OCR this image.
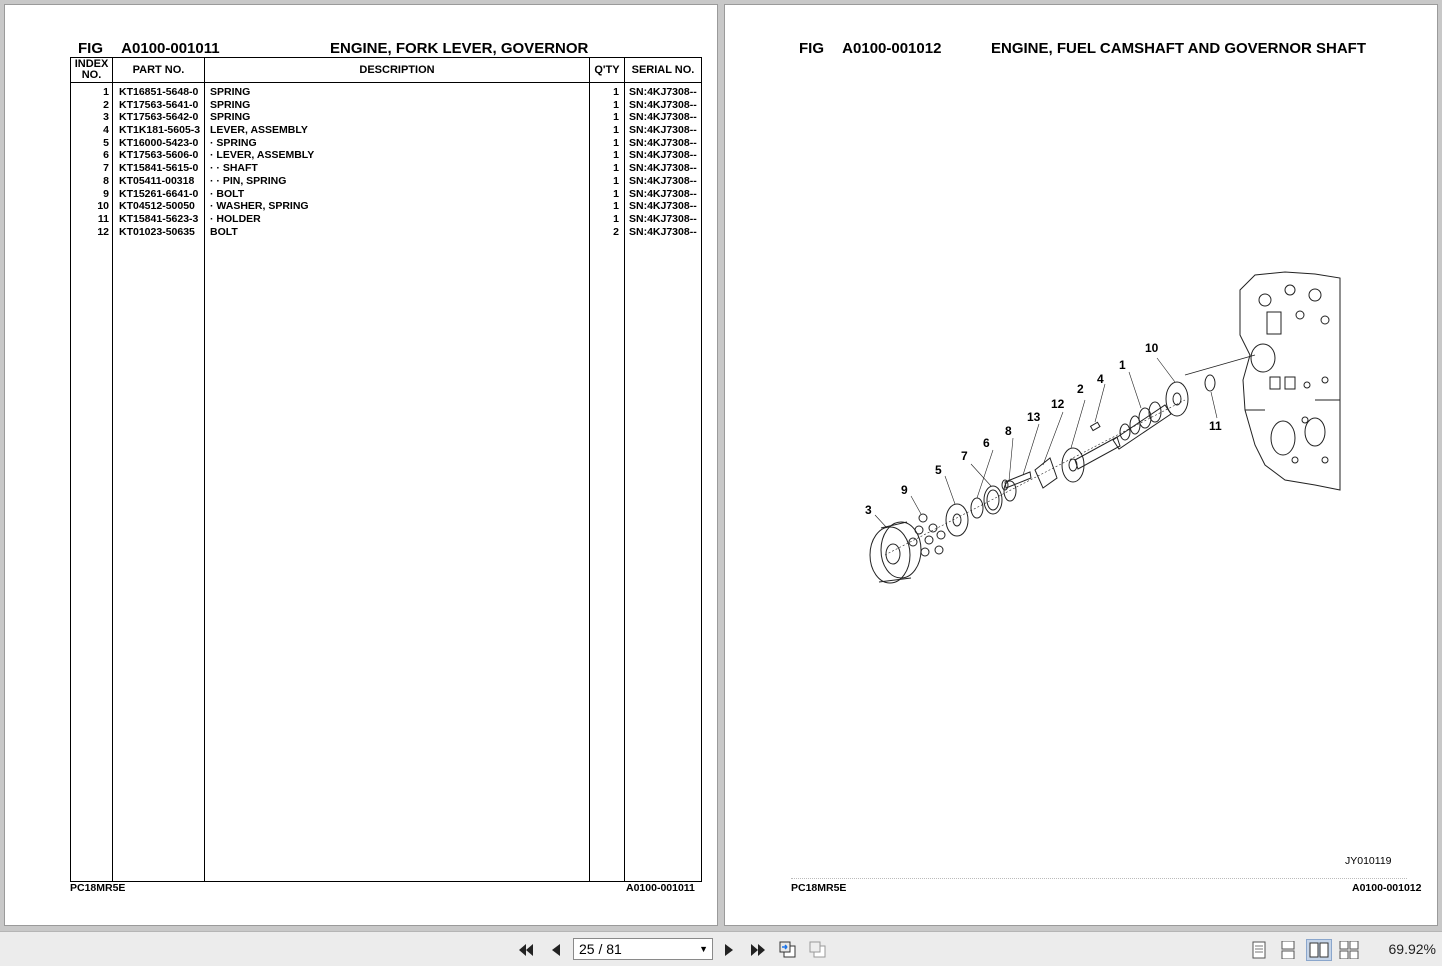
FIG A0100-001011	ENGINE, FORK LEVER, GOVERNOR
INDEX
NO.	PART NO.	DESCRIPTION	Q'TY	SERIAL NO.
1 KT16851-5648-0 SPRING	1 SN:4KJ7308--
2 KT17563-5641-0 SPRING	1 SN:4KJ7308--
3 KT17563-5642-0 SPRING	1 SN:4KJ7308--
4 KT1K181-5605-3 LEVER, ASSEMBLY	1 SN:4KJ7308--
5 KT16000-5423-0 · SPRING	1 SN:4KJ7308--
6 KT17563-5606-0 · LEVER, ASSEMBLY	1 SN:4KJ7308--
7 KT15841-5615-0 · · SHAFT	1 SN:4KJ7308--
8 KT05411-00318 · · PIN, SPRING	1 SN:4KJ7308--
9 KT15261-6641-0 · BOLT	1 SN:4KJ7308--
10 KT04512-50050 · WASHER, SPRING	1 SN:4KJ7308--
11 KT15841-5623-3 · HOLDER	1 SN:4KJ7308--
12 KT01023-50635 BOLT	2 SN:4KJ7308--
PC18MR5E	A0100-001011
FIG A0100-001012	ENGINE, FUEL CAMSHAFT AND GOVERNOR SHAFT
3
9
5
7
6
8
13
12
2
4
1
10
11
JY010119
PC18MR5E	A0100-001012
25 / 81	▼	69.92%
